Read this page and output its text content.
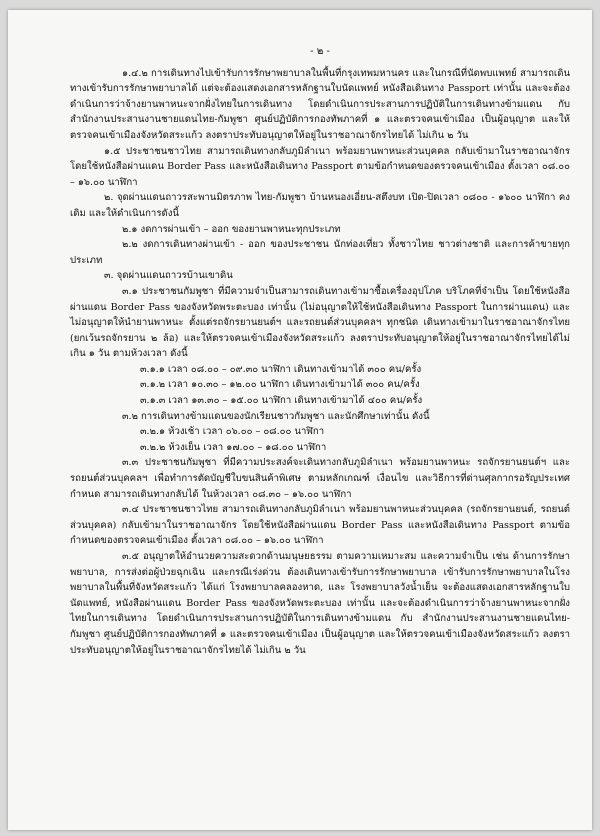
- ๒ -

๑.๔.๒ การเดินทางไปเข้ารับการรักษาพยาบาลในพื้นที่กรุงเทพมหานคร และในกรณีที่นัดพบแพทย์ สามารถเดินทางเข้ารับการรักษาพยาบาลได้ แต่จะต้องแสดงเอกสารหลักฐานใบนัดแพทย์ หนังสือเดินทาง Passport เท่านั้น และจะต้องดำเนินการว่าจ้างยานพาหนะจากฝั่งไทยในการเดินทาง โดยดำเนินการประสานการปฏิบัติในการเดินทางข้ามแดน กับ สำนักงานประสานงานชายแดนไทย-กัมพูชา ศูนย์ปฏิบัติการกองทัพภาคที่ ๑ และตรวจคนเข้าเมือง เป็นผู้อนุญาต และให้ตรวจคนเข้าเมืองจังหวัดสระแก้ว ลงตราประทับอนุญาตให้อยู่ในราชอาณาจักรไทยได้ ไม่เกิน ๒ วัน

๑.๕ ประชาชนชาวไทย สามารถเดินทางกลับภูมิลำเนา พร้อมยานพาหนะส่วนบุคคล กลับเข้ามาในราชอาณาจักร โดยใช้หนังสือผ่านแดน Border Pass และหนังสือเดินทาง Passport ตามข้อกำหนดของตรวจคนเข้าเมือง ตั้งเวลา ๐๘.๐๐ – ๑๖.๐๐ นาฬิกา

๒. จุดผ่านแดนถาวรสะพานมิตรภาพ ไทย-กัมพูชา บ้านหนองเอี่ยน-สตึงบท เปิด-ปิดเวลา ๐๘๐๐ - ๑๖๐๐ นาฬิกา คงเดิม และให้ดำเนินการดังนี้

๒.๑ งดการผ่านเข้า – ออก ของยานพาหนะทุกประเภท

๒.๒ งดการเดินทางผ่านเข้า - ออก ของประชาชน นักท่องเที่ยว ทั้งชาวไทย ชาวต่างชาติ และการค้าขายทุกประเภท

๓. จุดผ่านแดนถาวรบ้านเขาดิน

๓.๑ ประชาชนกัมพูชา ที่มีความจำเป็นสามารถเดินทางเข้ามาซื้อเครื่องอุปโภค บริโภคที่จำเป็น โดยใช้หนังสือผ่านแดน Border Pass ของจังหวัดพระตะบอง เท่านั้น (ไม่อนุญาตให้ใช้หนังสือเดินทาง Passport ในการผ่านแดน) และไม่อนุญาตให้นำยานพาหนะ ตั้งแต่รถจักรยานยนต์ฯ และรถยนต์ส่วนบุคคลฯ ทุกชนิด เดินทางเข้ามาในราชอาณาจักรไทย (ยกเว้นรถจักรยาน ๒ ล้อ) และให้ตรวจคนเข้าเมืองจังหวัดสระแก้ว ลงตราประทับอนุญาตให้อยู่ในราชอาณาจักรไทยได้ไม่เกิน ๑ วัน ตามห้วงเวลา ดังนี้

๓.๑.๑ เวลา ๐๘.๐๐ – ๐๙.๓๐ นาฬิกา เดินทางเข้ามาได้ ๓๐๐ คน/ครั้ง

๓.๑.๒ เวลา ๑๐.๓๐ – ๑๒.๐๐ นาฬิกา เดินทางเข้ามาได้ ๓๐๐ คน/ครั้ง

๓.๑.๓ เวลา ๑๓.๓๐ – ๑๕.๐๐ นาฬิกา เดินทางเข้ามาได้ ๔๐๐ คน/ครั้ง

๓.๒ การเดินทางข้ามแดนของนักเรียนชาวกัมพูชา และนักศึกษาเท่านั้น ดังนี้

๓.๒.๑ ห้วงเช้า เวลา ๐๖.๐๐ – ๐๘.๐๐ นาฬิกา

๓.๒.๒ ห้วงเย็น เวลา ๑๗.๐๐ – ๑๘.๐๐ นาฬิกา

๓.๓ ประชาชนกัมพูชา ที่มีความประสงค์จะเดินทางกลับภูมิลำเนา พร้อมยานพาหนะ รถจักรยานยนต์ฯ และรถยนต์ส่วนบุคคลฯ เพื่อทำการตัดบัญชีใบขนสินค้าพิเศษ ตามหลักเกณฑ์ เงื่อนไข และวิธีการที่ด่านศุลกากรอรัญประเทศกำหนด สามารถเดินทางกลับได้ ในห้วงเวลา ๐๘.๓๐ – ๑๖.๐๐ นาฬิกา

๓.๔ ประชาชนชาวไทย สามารถเดินทางกลับภูมิลำเนา พร้อมยานพาหนะส่วนบุคคล (รถจักรยานยนต์, รถยนต์ส่วนบุคคล) กลับเข้ามาในราชอาณาจักร โดยใช้หนังสือผ่านแดน Border Pass และหนังสือเดินทาง Passport ตามข้อกำหนดของตรวจคนเข้าเมือง ตั้งเวลา ๐๘.๐๐ – ๑๖.๐๐ นาฬิกา

๓.๕ อนุญาตให้อำนวยความสะดวกด้านมนุษยธรรม ตามความเหมาะสม และความจำเป็น เช่น ด้านการรักษาพยาบาล, การส่งต่อผู้ป่วยฉุกเฉิน และกรณีเร่งด่วน ต้องเดินทางเข้ารับการรักษาพยาบาล เข้ารับการรักษาพยาบาลในโรงพยาบาลในพื้นที่จังหวัดสระแก้ว ได้แก่ โรงพยาบาลคลองหาด, และ โรงพยาบาลวังน้ำเย็น จะต้องแสดงเอกสารหลักฐานใบนัดแพทย์, หนังสือผ่านแดน Border Pass ของจังหวัดพระตะบอง เท่านั้น และจะต้องดำเนินการว่าจ้างยานพาหนะจากฝั่งไทยในการเดินทาง โดยดำเนินการประสานการปฏิบัติในการเดินทางข้ามแดน กับ สำนักงานประสานงานชายแดนไทย-กัมพูชา ศูนย์ปฏิบัติการกองทัพภาคที่ ๑ และตรวจคนเข้าเมือง เป็นผู้อนุญาต และให้ตรวจคนเข้าเมืองจังหวัดสระแก้ว ลงตราประทับอนุญาตให้อยู่ในราชอาณาจักรไทยได้ ไม่เกิน ๒ วัน
